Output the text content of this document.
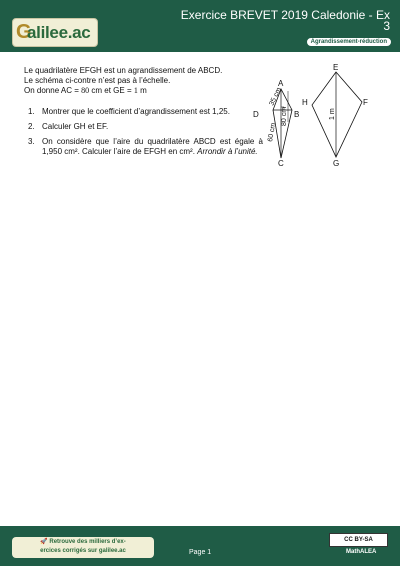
G
alilee.ac
Exercice BREVET 2019 Caledonie - Ex
3
Agrandissement-réduction

Le quadrilatère EFGH est un agrandissement de ABCD.

Le schéma ci-contre n’est pas à l’échelle.

On donne AC = 80 cm et GE = 1 m

1. Montrer que le coefficient d’agrandissement est 1,25.
2. Calculer GH et EF.
3. On considère que l’aire du quadrilatère ABCD est égale à 1,950 cm². Calculer l’aire de EFGH en cm². Arrondir à l’unité.
A
B
C
D
E
F
G
H
35 cm
60 cm
80 cm	1 m
🚀 Retrouve des milliers d’ex-
ercices corrigés sur galilee.ac	Page 1
CC BY-SA
MathALEA
